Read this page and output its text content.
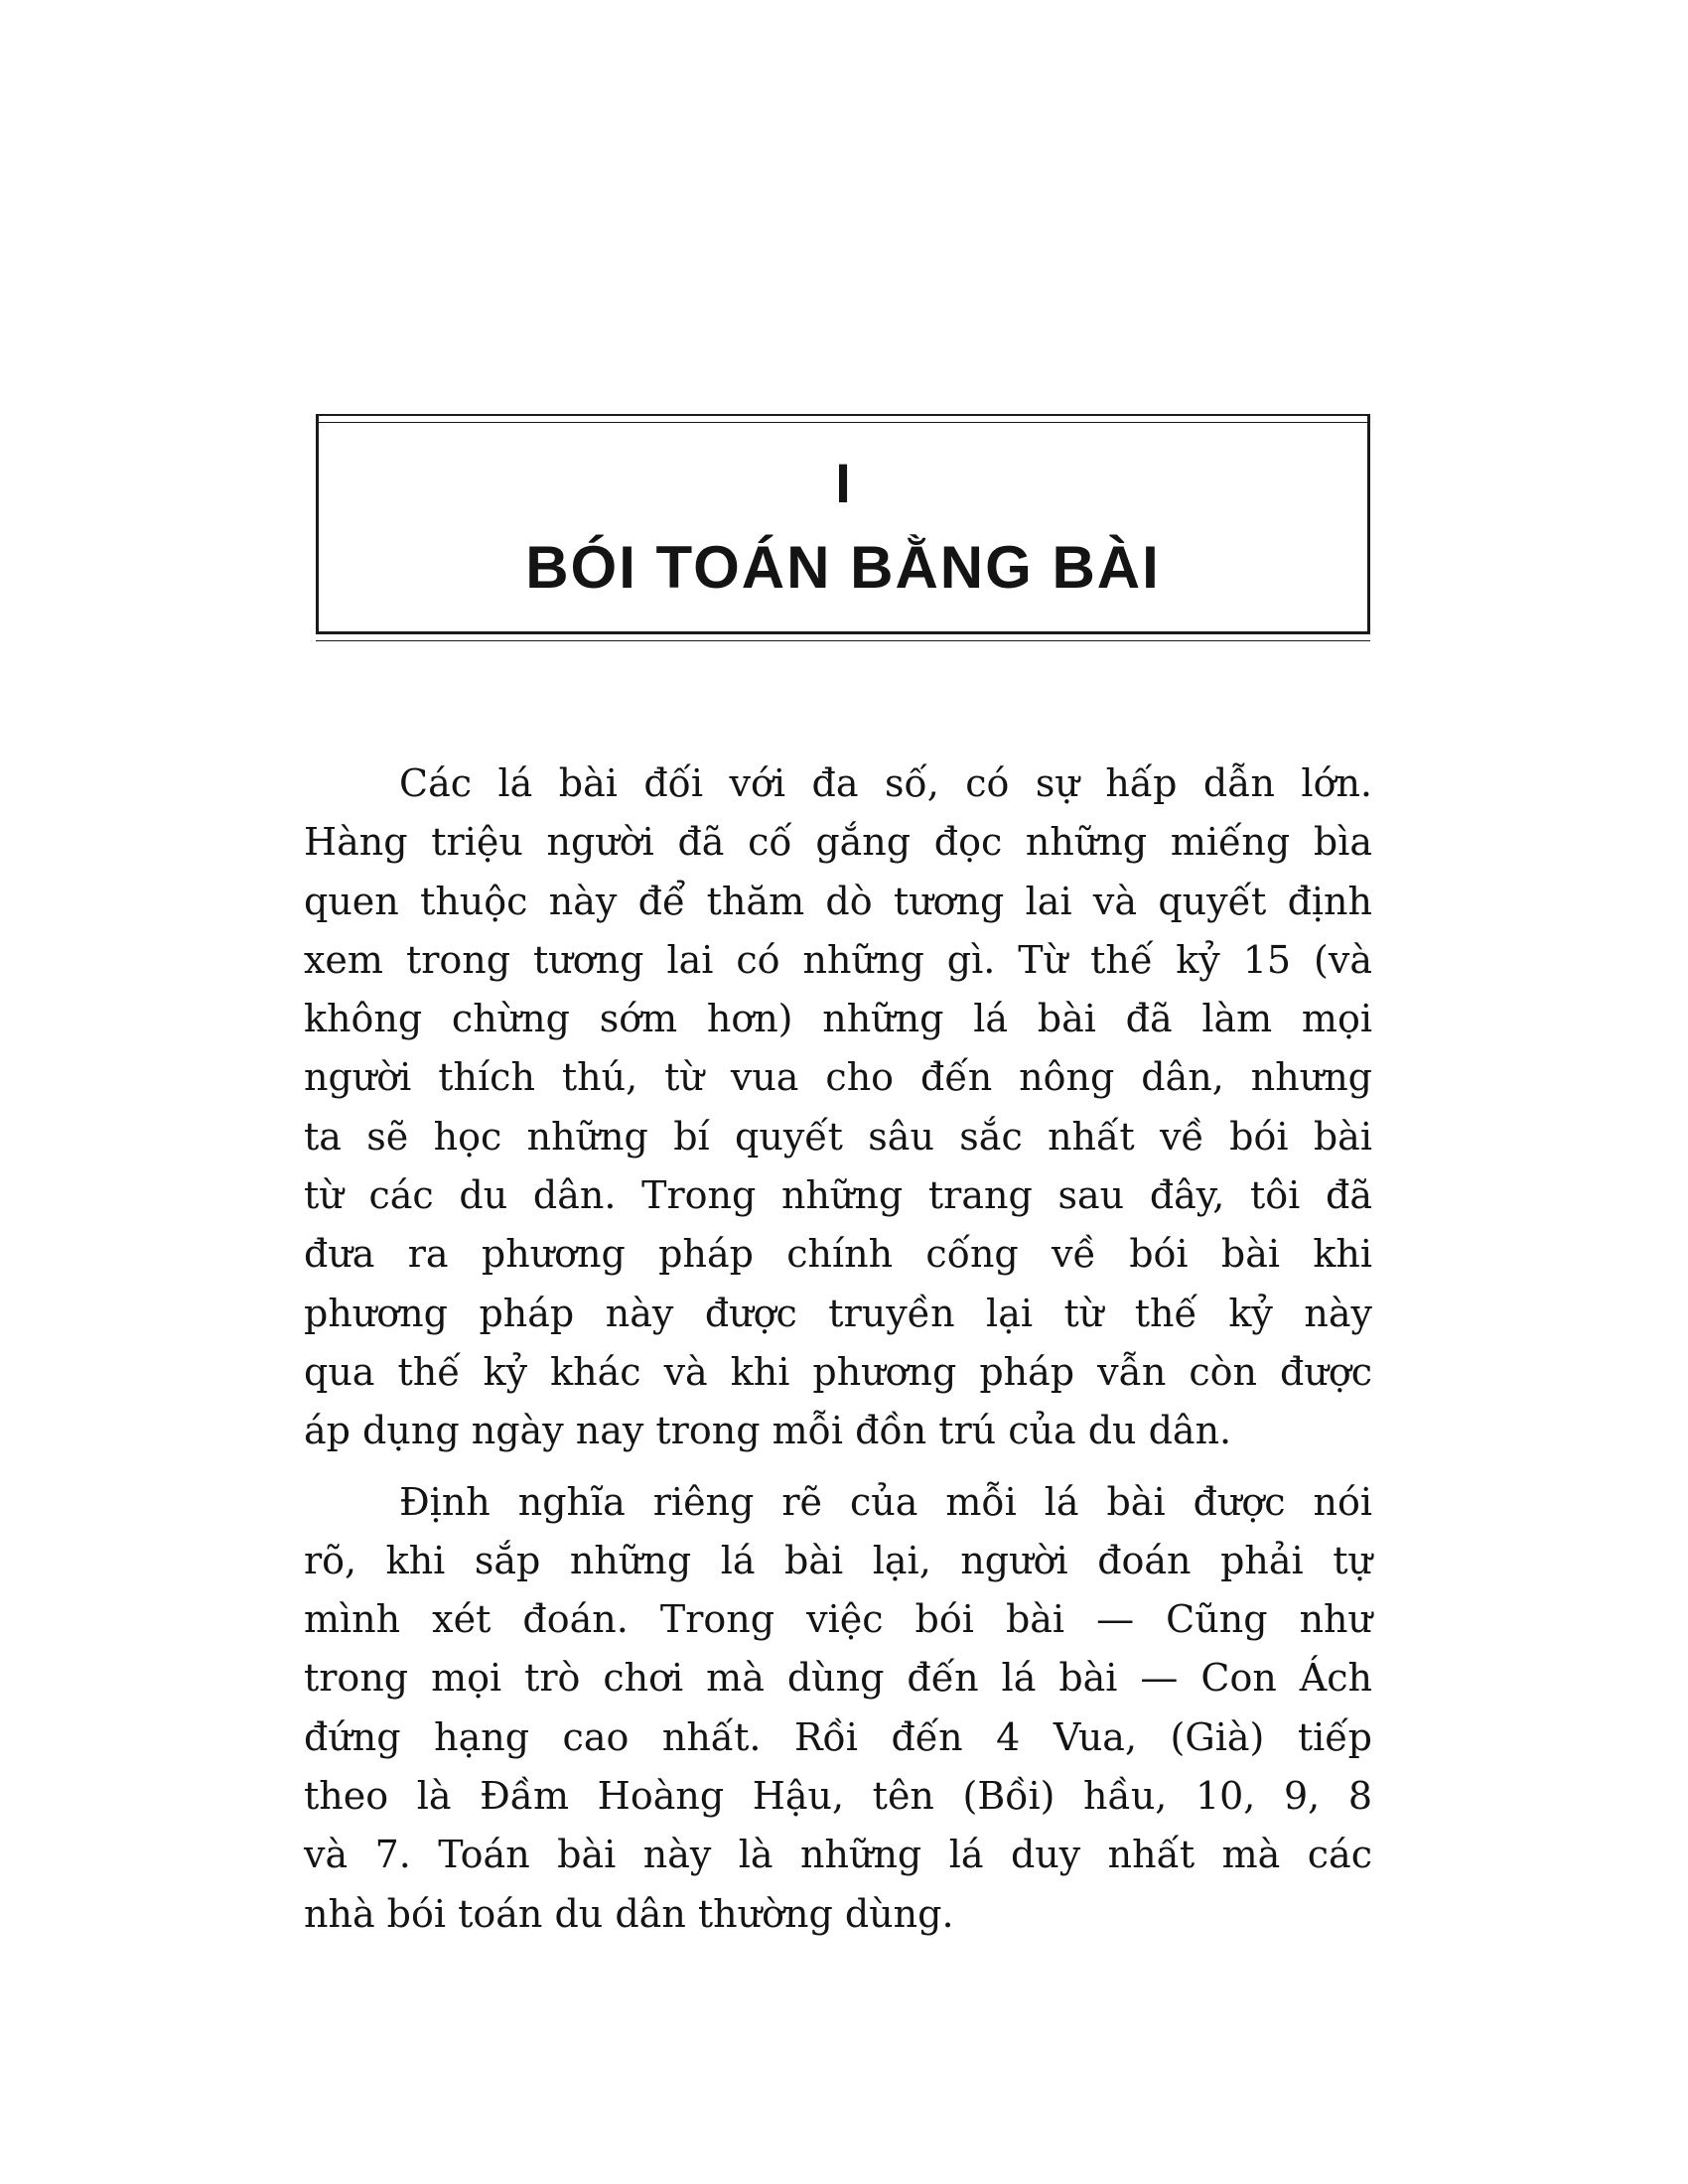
I
BÓI TOÁN BẰNG BÀI

Các lá bài đối với đa số, có sự hấp dẫn lớn.
Hàng triệu người đã cố gắng đọc những miếng bìa
quen thuộc này để thăm dò tương lai và quyết định
xem trong tương lai có những gì. Từ thế kỷ 15 (và
không chừng sớm hơn) những lá bài đã làm mọi
người thích thú, từ vua cho đến nông dân, nhưng
ta sẽ học những bí quyết sâu sắc nhất về bói bài
từ các du dân. Trong những trang sau đây, tôi đã
đưa ra phương pháp chính cống về bói bài khi
phương pháp này được truyền lại từ thế kỷ này
qua thế kỷ khác và khi phương pháp vẫn còn được
áp dụng ngày nay trong mỗi đồn trú của du dân.

Định nghĩa riêng rẽ của mỗi lá bài được nói
rõ, khi sắp những lá bài lại, người đoán phải tự
mình xét đoán. Trong việc bói bài — Cũng như
trong mọi trò chơi mà dùng đến lá bài — Con Ách
đứng hạng cao nhất. Rồi đến 4 Vua, (Già) tiếp
theo là Đầm Hoàng Hậu, tên (Bồi) hầu, 10, 9, 8
và 7. Toán bài này là những lá duy nhất mà các
nhà bói toán du dân thường dùng.
